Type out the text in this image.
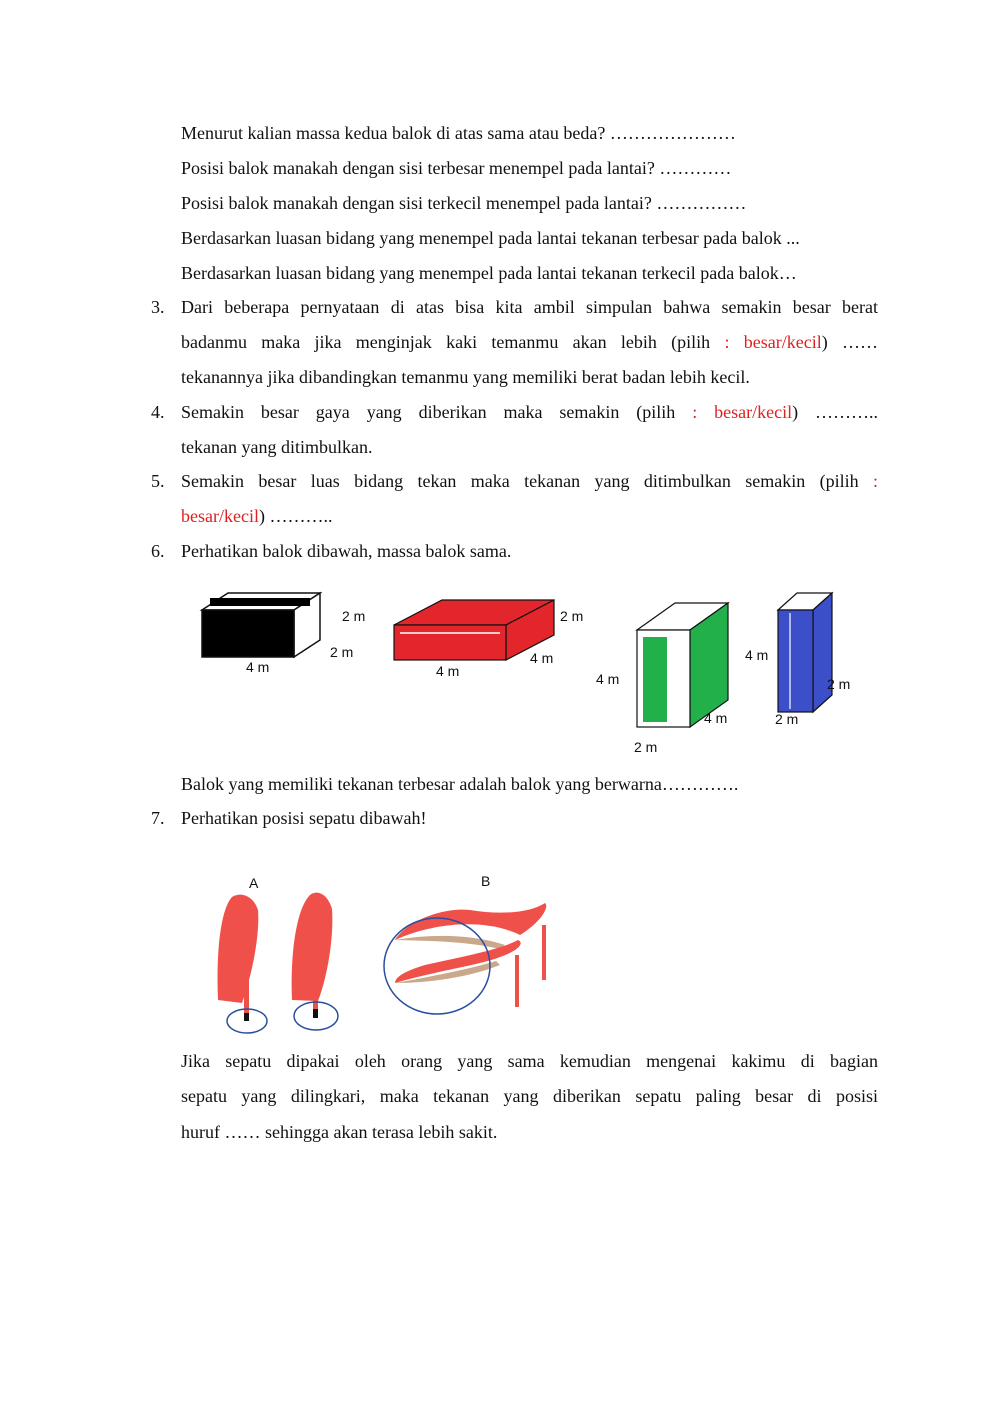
Menurut kalian massa kedua balok di atas sama atau beda? …………………
Posisi balok manakah dengan sisi terbesar menempel pada lantai? …………
Posisi balok manakah dengan sisi terkecil menempel pada lantai? ……………
Berdasarkan luasan bidang yang menempel pada lantai tekanan terbesar pada balok ...
Berdasarkan luasan bidang yang menempel pada lantai tekanan terkecil pada balok…
3. Dari beberapa pernyataan di atas bisa kita ambil simpulan bahwa semakin besar berat
badanmu maka jika menginjak kaki temanmu akan lebih (pilih : besar/kecil) ……
tekanannya jika dibandingkan temanmu yang memiliki berat badan lebih kecil.
4. Semakin besar gaya yang diberikan maka semakin (pilih : besar/kecil) ………..
tekanan yang ditimbulkan.
5. Semakin besar luas bidang tekan maka tekanan yang ditimbulkan semakin (pilih :
besar/kecil) ………..
6. Perhatikan balok dibawah, massa balok sama.
2 m
2 m
4 m
2 m
4 m
4 m	4 m
4 m
2 m
4 m
2 m
2 m
Balok yang memiliki tekanan terbesar adalah balok yang berwarna………….
7. Perhatikan posisi sepatu dibawah!
A	B
Jika sepatu dipakai oleh orang yang sama kemudian mengenai kakimu di bagian
sepatu yang dilingkari, maka tekanan yang diberikan sepatu paling besar di posisi
huruf …… sehingga akan terasa lebih sakit.
